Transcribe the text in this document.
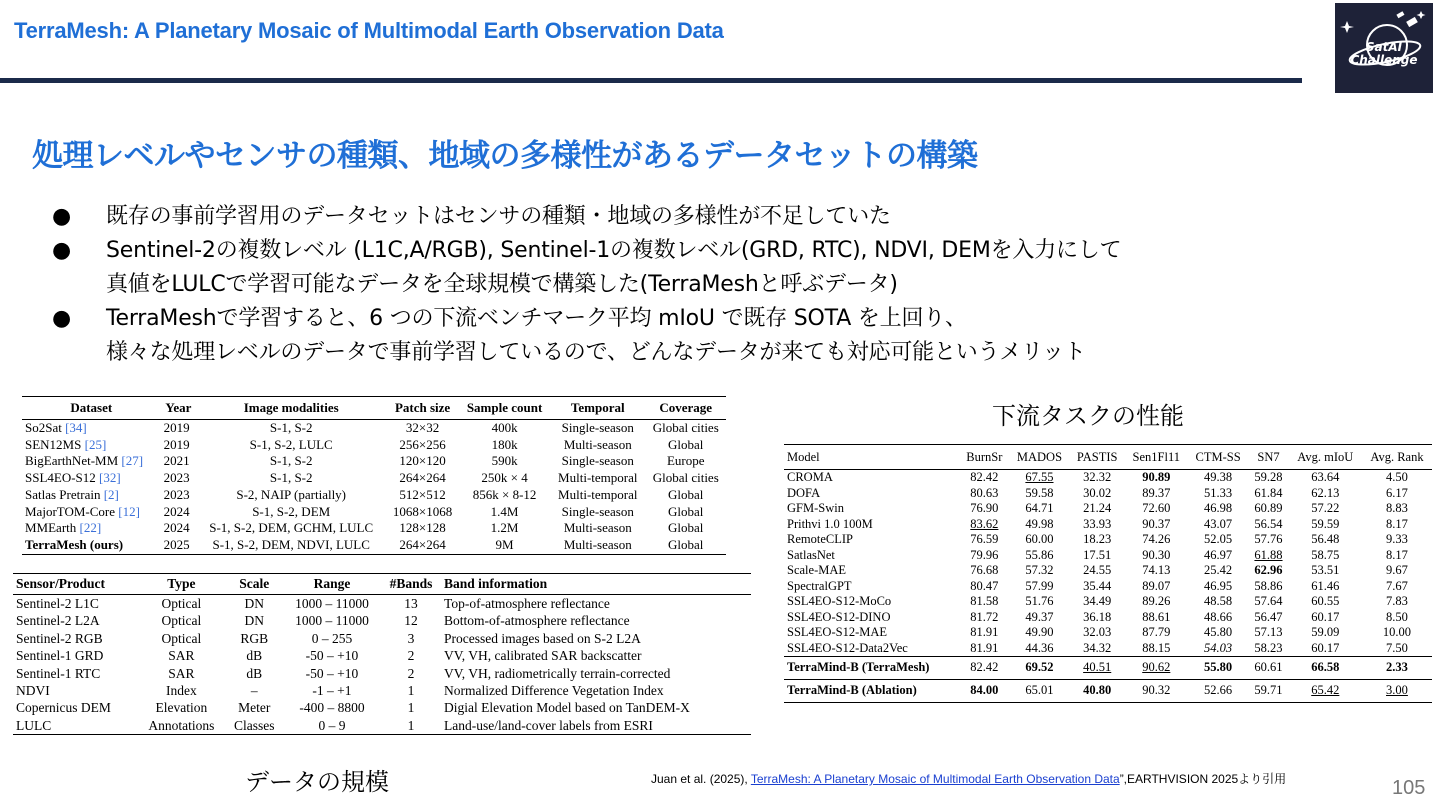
TerraMesh: A Planetary Mosaic of Multimodal Earth Observation Data
SatAI
Challenge
処理レベルやセンサの種類、地域の多様性があるデータセットの構築
● 既存の事前学習用のデータセットはセンサの種類・地域の多様性が不足していた
● Sentinel-2の複数レベル (L1C,A/RGB), Sentinel-1の複数レベル(GRD, RTC), NDVI, DEMを入力にして
真値をLULCで学習可能なデータを全球規模で構築した(TerraMeshと呼ぶデータ)
● TerraMeshで学習すると、6 つの下流ベンチマーク平均 mIoU で既存 SOTA を上回り、
様々な処理レベルのデータで事前学習しているので、どんなデータが来ても対応可能というメリット
Dataset	Year	Image modalities	Patch size	Sample count	Temporal	Coverage
So2Sat [34]	2019	S-1, S-2	32×32	400k	Single-season	Global cities
SEN12MS [25]	2019	S-1, S-2, LULC	256×256	180k	Multi-season	Global
BigEarthNet-MM [27]	2021	S-1, S-2	120×120	590k	Single-season	Europe
SSL4EO-S12 [32]	2023	S-1, S-2	264×264	250k × 4	Multi-temporal	Global cities
Satlas Pretrain [2]	2023	S-2, NAIP (partially)	512×512	856k × 8-12	Multi-temporal	Global
MajorTOM-Core [12]	2024	S-1, S-2, DEM	1068×1068	1.4M	Single-season	Global
MMEarth [22]	2024	S-1, S-2, DEM, GCHM, LULC	128×128	1.2M	Multi-season	Global
TerraMesh (ours)	2025	S-1, S-2, DEM, NDVI, LULC	264×264	9M	Multi-season	Global
Sensor/Product	Type	Scale	Range	#Bands	Band information
Sentinel-2 L1C	Optical	DN	1000 – 11000	13	Top-of-atmosphere reflectance
Sentinel-2 L2A	Optical	DN	1000 – 11000	12	Bottom-of-atmosphere reflectance
Sentinel-2 RGB	Optical	RGB	0 – 255	3	Processed images based on S-2 L2A
Sentinel-1 GRD	SAR	dB	-50 – +10	2	VV, VH, calibrated SAR backscatter
Sentinel-1 RTC	SAR	dB	-50 – +10	2	VV, VH, radiometrically terrain-corrected
NDVI	Index	–	-1 – +1	1	Normalized Difference Vegetation Index
Copernicus DEM	Elevation	Meter	-400 – 8800	1	Digial Elevation Model based on TanDEM-X
LULC	Annotations	Classes	0 – 9	1	Land-use/land-cover labels from ESRI
データの規模
下流タスクの性能
Model	BurnSr	MADOS	PASTIS	Sen1Fl11	CTM-SS	SN7	Avg. mIoU	Avg. Rank
CROMA	82.42	67.55	32.32	90.89	49.38	59.28	63.64	4.50
DOFA	80.63	59.58	30.02	89.37	51.33	61.84	62.13	6.17
GFM-Swin	76.90	64.71	21.24	72.60	46.98	60.89	57.22	8.83
Prithvi 1.0 100M	83.62	49.98	33.93	90.37	43.07	56.54	59.59	8.17
RemoteCLIP	76.59	60.00	18.23	74.26	52.05	57.76	56.48	9.33
SatlasNet	79.96	55.86	17.51	90.30	46.97	61.88	58.75	8.17
Scale-MAE	76.68	57.32	24.55	74.13	25.42	62.96	53.51	9.67
SpectralGPT	80.47	57.99	35.44	89.07	46.95	58.86	61.46	7.67
SSL4EO-S12-MoCo	81.58	51.76	34.49	89.26	48.58	57.64	60.55	7.83
SSL4EO-S12-DINO	81.72	49.37	36.18	88.61	48.66	56.47	60.17	8.50
SSL4EO-S12-MAE	81.91	49.90	32.03	87.79	45.80	57.13	59.09	10.00
SSL4EO-S12-Data2Vec	81.91	44.36	34.32	88.15	54.03	58.23	60.17	7.50
TerraMind-B (TerraMesh)	82.42	69.52	40.51	90.62	55.80	60.61	66.58	2.33
TerraMind-B (Ablation)	84.00	65.01	40.80	90.32	52.66	59.71	65.42	3.00
Juan et al. (2025), TerraMesh: A Planetary Mosaic of Multimodal Earth Observation Data”,EARTHVISION 2025より引用	105
